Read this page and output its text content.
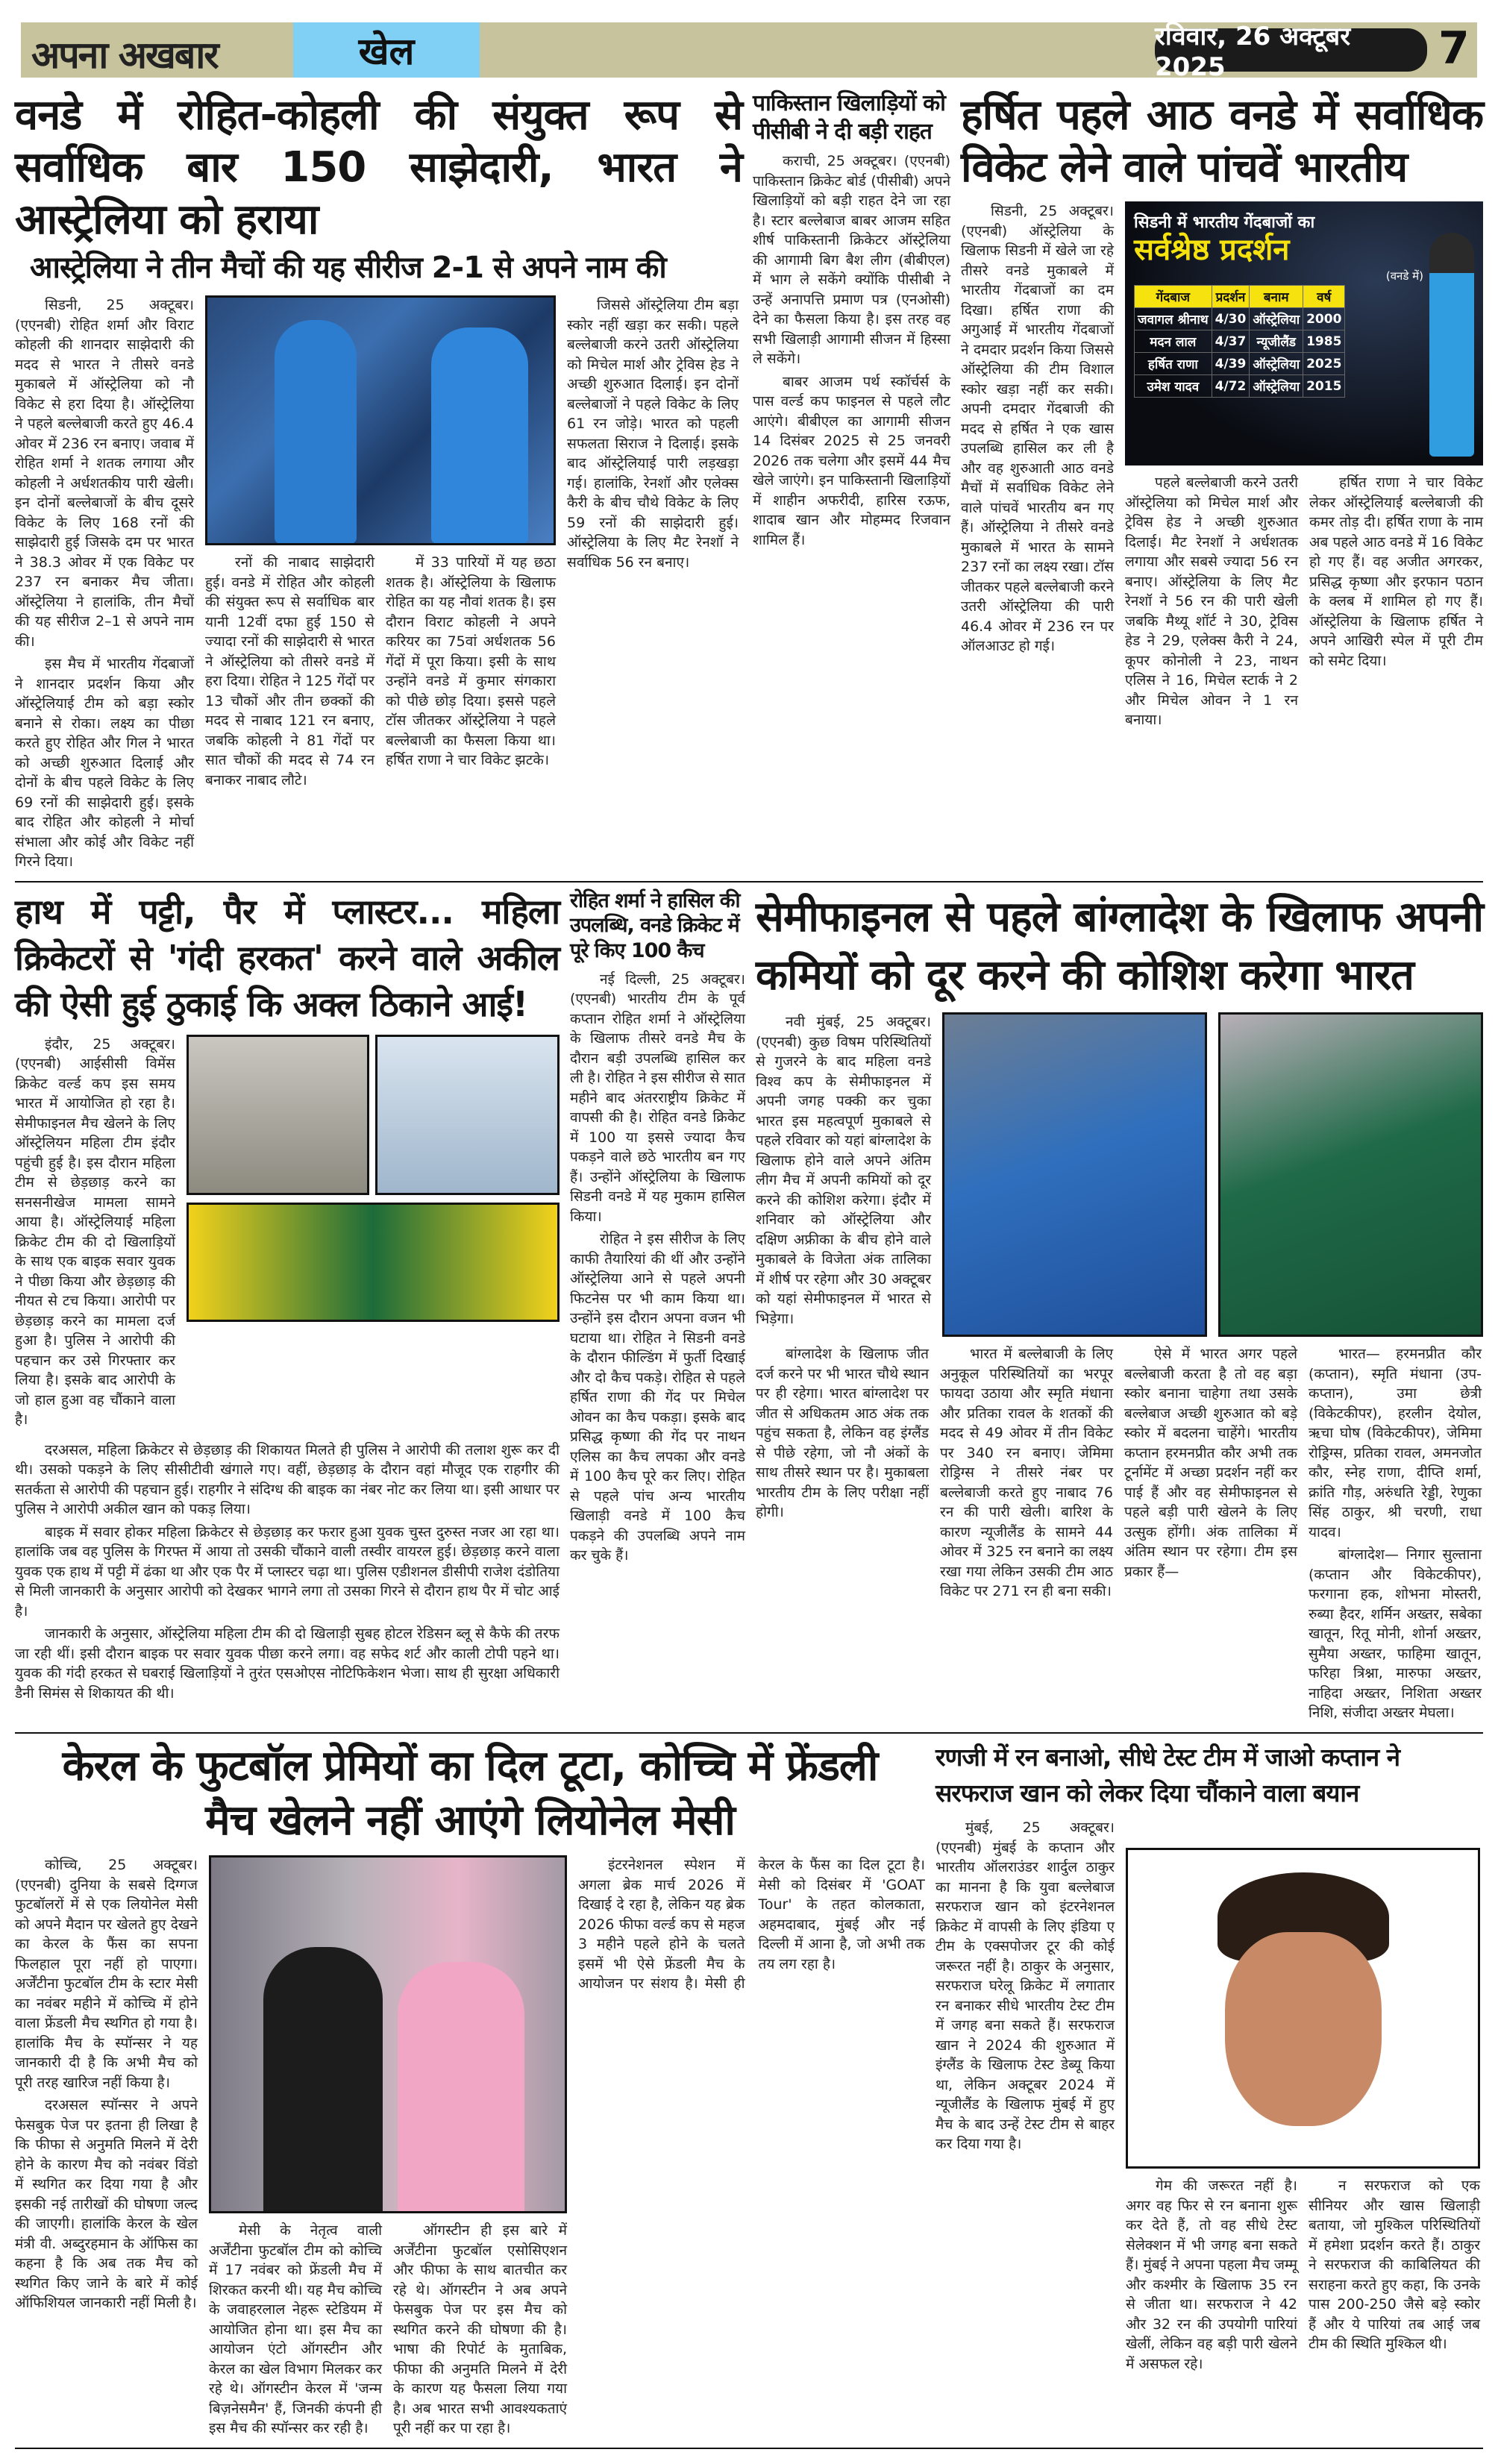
अपना अखबार	खेल	रविवार, 26 अक्टूबर 2025	7
वनडे में रोहित-कोहली की संयुक्त रूप से सर्वाधिक बार 150 साझेदारी, भारत ने आस्ट्रेलिया को हराया
आस्ट्रेलिया ने तीन मैचों की यह सीरीज 2-1 से अपने नाम की

सिडनी, 25 अक्टूबर। (एएनबी) रोहित शर्मा और विराट कोहली की शानदार साझेदारी की मदद से भारत ने तीसरे वनडे मुकाबले में ऑस्ट्रेलिया को नौ विकेट से हरा दिया है। ऑस्ट्रेलिया ने पहले बल्लेबाजी करते हुए 46.4 ओवर में 236 रन बनाए। जवाब में रोहित शर्मा ने शतक लगाया और कोहली ने अर्धशतकीय पारी खेली। इन दोनों बल्लेबाजों के बीच दूसरे विकेट के लिए 168 रनों की साझेदारी हुई जिसके दम पर भारत ने 38.3 ओवर में एक विकेट पर 237 रन बनाकर मैच जीता। ऑस्ट्रेलिया ने हालांकि, तीन मैचों की यह सीरीज 2–1 से अपने नाम की।

इस मैच में भारतीय गेंदबाजों ने शानदार प्रदर्शन किया और ऑस्ट्रेलियाई टीम को बड़ा स्कोर बनाने से रोका। लक्ष्य का पीछा करते हुए रोहित और गिल ने भारत को अच्छी शुरुआत दिलाई और दोनों के बीच पहले विकेट के लिए 69 रनों की साझेदारी हुई। इसके बाद रोहित और कोहली ने मोर्चा संभाला और कोई और विकेट नहीं गिरने दिया।

रनों की नाबाद साझेदारी हुई। वनडे में रोहित और कोहली की संयुक्त रूप से सर्वाधिक बार यानी 12वीं दफा हुई 150 से ज्यादा रनों की साझेदारी से भारत ने ऑस्ट्रेलिया को तीसरे वनडे में हरा दिया। रोहित ने 125 गेंदों पर 13 चौकों और तीन छक्कों की मदद से नाबाद 121 रन बनाए, जबकि कोहली ने 81 गेंदों पर सात चौकों की मदद से 74 रन बनाकर नाबाद लौटे।

में 33 पारियों में यह छठा शतक है। ऑस्ट्रेलिया के खिलाफ रोहित का यह नौवां शतक है। इस दौरान विराट कोहली ने अपने करियर का 75वां अर्धशतक 56 गेंदों में पूरा किया। इसी के साथ उन्होंने वनडे में कुमार संगकारा को पीछे छोड़ दिया। इससे पहले टॉस जीतकर ऑस्ट्रेलिया ने पहले बल्लेबाजी का फैसला किया था। हर्षित राणा ने चार विकेट झटके।

जिससे ऑस्ट्रेलिया टीम बड़ा स्कोर नहीं खड़ा कर सकी। पहले बल्लेबाजी करने उतरी ऑस्ट्रेलिया को मिचेल मार्श और ट्रेविस हेड ने अच्छी शुरुआत दिलाई। इन दोनों बल्लेबाजों ने पहले विकेट के लिए 61 रन जोड़े। भारत को पहली सफलता सिराज ने दिलाई। इसके बाद ऑस्ट्रेलियाई पारी लड़खड़ा गई। हालांकि, रेनशॉ और एलेक्स कैरी के बीच चौथे विकेट के लिए 59 रनों की साझेदारी हुई। ऑस्ट्रेलिया के लिए मैट रेनशॉ ने सर्वाधिक 56 रन बनाए।

पाकिस्तान खिलाड़ियों को पीसीबी ने दी बड़ी राहत

कराची, 25 अक्टूबर। (एएनबी) पाकिस्तान क्रिकेट बोर्ड (पीसीबी) अपने खिलाड़ियों को बड़ी राहत देने जा रहा है। स्टार बल्लेबाज बाबर आजम सहित शीर्ष पाकिस्तानी क्रिकेटर ऑस्ट्रेलिया की आगामी बिग बैश लीग (बीबीएल) में भाग ले सकेंगे क्योंकि पीसीबी ने उन्हें अनापत्ति प्रमाण पत्र (एनओसी) देने का फैसला किया है। इस तरह वह सभी खिलाड़ी आगामी सीजन में हिस्सा ले सकेंगे।

बाबर आजम पर्थ स्कॉर्चर्स के पास वर्ल्ड कप फाइनल से पहले लौट आएंगे। बीबीएल का आगामी सीजन 14 दिसंबर 2025 से 25 जनवरी 2026 तक चलेगा और इसमें 44 मैच खेले जाएंगे। इन पाकिस्तानी खिलाड़ियों में शाहीन अफरीदी, हारिस रऊफ, शादाब खान और मोहम्मद रिजवान शामिल हैं।

हर्षित पहले आठ वनडे में सर्वाधिक विकेट लेने वाले पांचवें भारतीय

सिडनी, 25 अक्टूबर। (एएनबी) ऑस्ट्रेलिया के खिलाफ सिडनी में खेले जा रहे तीसरे वनडे मुकाबले में भारतीय गेंदबाजों का दम दिखा। हर्षित राणा की अगुआई में भारतीय गेंदबाजों ने दमदार प्रदर्शन किया जिससे ऑस्ट्रेलिया की टीम विशाल स्कोर खड़ा नहीं कर सकी। अपनी दमदार गेंदबाजी की मदद से हर्षित ने एक खास उपलब्धि हासिल कर ली है और वह शुरुआती आठ वनडे मैचों में सर्वाधिक विकेट लेने वाले पांचवें भारतीय बन गए हैं। ऑस्ट्रेलिया ने तीसरे वनडे मुकाबले में भारत के सामने 237 रनों का लक्ष्य रखा। टॉस जीतकर पहले बल्लेबाजी करने उतरी ऑस्ट्रेलिया की पारी 46.4 ओवर में 236 रन पर ऑलआउट हो गई।

सिडनी में भारतीय गेंदबाजों का
सर्वश्रेष्ठ प्रदर्शन
(वनडे में)
गेंदबाज	प्रदर्शन	बनाम	वर्ष
जवागल श्रीनाथ	4/30	ऑस्ट्रेलिया	2000
मदन लाल	4/37	न्यूजीलैंड	1985
हर्षित राणा	4/39	ऑस्ट्रेलिया	2025
उमेश यादव	4/72	ऑस्ट्रेलिया	2015

पहले बल्लेबाजी करने उतरी ऑस्ट्रेलिया को मिचेल मार्श और ट्रेविस हेड ने अच्छी शुरुआत दिलाई। मैट रेनशॉ ने अर्धशतक लगाया और सबसे ज्यादा 56 रन बनाए। ऑस्ट्रेलिया के लिए मैट रेनशॉ ने 56 रन की पारी खेली जबकि मैथ्यू शॉर्ट ने 30, ट्रेविस हेड ने 29, एलेक्स कैरी ने 24, कूपर कोनोली ने 23, नाथन एलिस ने 16, मिचेल स्टार्क ने 2 और मिचेल ओवन ने 1 रन बनाया।

हर्षित राणा ने चार विकेट लेकर ऑस्ट्रेलियाई बल्लेबाजी की कमर तोड़ दी। हर्षित राणा के नाम अब पहले आठ वनडे में 16 विकेट हो गए हैं। वह अजीत अगरकर, प्रसिद्ध कृष्णा और इरफान पठान के क्लब में शामिल हो गए हैं। ऑस्ट्रेलिया के खिलाफ हर्षित ने अपने आखिरी स्पेल में पूरी टीम को समेट दिया।

हाथ में पट्टी, पैर में प्लास्टर... महिला क्रिकेटरों से 'गंदी हरकत' करने वाले अकील की ऐसी हुई ठुकाई कि अक्ल ठिकाने आई!

इंदौर, 25 अक्टूबर। (एएनबी) आईसीसी विमेंस क्रिकेट वर्ल्ड कप इस समय भारत में आयोजित हो रहा है। सेमीफाइनल मैच खेलने के लिए ऑस्ट्रेलियन महिला टीम इंदौर पहुंची हुई है। इस दौरान महिला टीम से छेड़छाड़ करने का सनसनीखेज मामला सामने आया है। ऑस्ट्रेलियाई महिला क्रिकेट टीम की दो खिलाड़ियों के साथ एक बाइक सवार युवक ने पीछा किया और छेड़छाड़ की नीयत से टच किया। आरोपी पर छेड़छाड़ करने का मामला दर्ज हुआ है। पुलिस ने आरोपी की पहचान कर उसे गिरफ्तार कर लिया है। इसके बाद आरोपी के जो हाल हुआ वह चौंकाने वाला है।

दरअसल, महिला क्रिकेटर से छेड़छाड़ की शिकायत मिलते ही पुलिस ने आरोपी की तलाश शुरू कर दी थी। उसको पकड़ने के लिए सीसीटीवी खंगाले गए। वहीं, छेड़छाड़ के दौरान वहां मौजूद एक राहगीर की सतर्कता से आरोपी की पहचान हुई। राहगीर ने संदिग्ध की बाइक का नंबर नोट कर लिया था। इसी आधार पर पुलिस ने आरोपी अकील खान को पकड़ लिया।

बाइक में सवार होकर महिला क्रिकेटर से छेड़छाड़ कर फरार हुआ युवक चुस्त दुरुस्त नजर आ रहा था। हालांकि जब वह पुलिस के गिरफ्त में आया तो उसकी चौंकाने वाली तस्वीर वायरल हुई। छेड़छाड़ करने वाला युवक एक हाथ में पट्टी में ढंका था और एक पैर में प्लास्टर चढ़ा था। पुलिस एडीशनल डीसीपी राजेश दंडोतिया से मिली जानकारी के अनुसार आरोपी को देखकर भागने लगा तो उसका गिरने से दौरान हाथ पैर में चोट आई है।

जानकारी के अनुसार, ऑस्ट्रेलिया महिला टीम की दो खिलाड़ी सुबह होटल रेडिसन ब्लू से कैफे की तरफ जा रही थीं। इसी दौरान बाइक पर सवार युवक पीछा करने लगा। वह सफेद शर्ट और काली टोपी पहने था। युवक की गंदी हरकत से घबराई खिलाड़ियों ने तुरंत एसओएस नोटिफिकेशन भेजा। साथ ही सुरक्षा अधिकारी डैनी सिमंस से शिकायत की थी।

रोहित शर्मा ने हासिल की उपलब्धि, वनडे क्रिकेट में पूरे किए 100 कैच

नई दिल्ली, 25 अक्टूबर। (एएनबी) भारतीय टीम के पूर्व कप्तान रोहित शर्मा ने ऑस्ट्रेलिया के खिलाफ तीसरे वनडे मैच के दौरान बड़ी उपलब्धि हासिल कर ली है। रोहित ने इस सीरीज से सात महीने बाद अंतरराष्ट्रीय क्रिकेट में वापसी की है। रोहित वनडे क्रिकेट में 100 या इससे ज्यादा कैच पकड़ने वाले छठे भारतीय बन गए हैं। उन्होंने ऑस्ट्रेलिया के खिलाफ सिडनी वनडे में यह मुकाम हासिल किया।

रोहित ने इस सीरीज के लिए काफी तैयारियां की थीं और उन्होंने ऑस्ट्रेलिया आने से पहले अपनी फिटनेस पर भी काम किया था। उन्होंने इस दौरान अपना वजन भी घटाया था। रोहित ने सिडनी वनडे के दौरान फील्डिंग में फुर्ती दिखाई और दो कैच पकड़े। रोहित से पहले हर्षित राणा की गेंद पर मिचेल ओवन का कैच पकड़ा। इसके बाद प्रसिद्ध कृष्णा की गेंद पर नाथन एलिस का कैच लपका और वनडे में 100 कैच पूरे कर लिए। रोहित से पहले पांच अन्य भारतीय खिलाड़ी वनडे में 100 कैच पकड़ने की उपलब्धि अपने नाम कर चुके हैं।

सेमीफाइनल से पहले बांग्लादेश के खिलाफ अपनी कमियों को दूर करने की कोशिश करेगा भारत

नवी मुंबई, 25 अक्टूबर। (एएनबी) कुछ विषम परिस्थितियों से गुजरने के बाद महिला वनडे विश्व कप के सेमीफाइनल में अपनी जगह पक्की कर चुका भारत इस महत्वपूर्ण मुकाबले से पहले रविवार को यहां बांग्लादेश के खिलाफ होने वाले अपने अंतिम लीग मैच में अपनी कमियों को दूर करने की कोशिश करेगा। इंदौर में शनिवार को ऑस्ट्रेलिया और दक्षिण अफ्रीका के बीच होने वाले मुकाबले के विजेता अंक तालिका में शीर्ष पर रहेगा और 30 अक्टूबर को यहां सेमीफाइनल में भारत से भिड़ेगा।

बांग्लादेश के खिलाफ जीत दर्ज करने पर भी भारत चौथे स्थान पर ही रहेगा। भारत बांग्लादेश पर जीत से अधिकतम आठ अंक तक पहुंच सकता है, लेकिन वह इंग्लैंड से पीछे रहेगा, जो नौ अंकों के साथ तीसरे स्थान पर है। मुकाबला भारतीय टीम के लिए परीक्षा नहीं होगी।

भारत में बल्लेबाजी के लिए अनुकूल परिस्थितियों का भरपूर फायदा उठाया और स्मृति मंधाना और प्रतिका रावल के शतकों की मदद से 49 ओवर में तीन विकेट पर 340 रन बनाए। जेमिमा रोड्रिग्स ने तीसरे नंबर पर बल्लेबाजी करते हुए नाबाद 76 रन की पारी खेली। बारिश के कारण न्यूजीलैंड के सामने 44 ओवर में 325 रन बनाने का लक्ष्य रखा गया लेकिन उसकी टीम आठ विकेट पर 271 रन ही बना सकी।

ऐसे में भारत अगर पहले बल्लेबाजी करता है तो वह बड़ा स्कोर बनाना चाहेगा तथा उसके बल्लेबाज अच्छी शुरुआत को बड़े स्कोर में बदलना चाहेंगे। भारतीय कप्तान हरमनप्रीत कौर अभी तक टूर्नामेंट में अच्छा प्रदर्शन नहीं कर पाई हैं और वह सेमीफाइनल से पहले बड़ी पारी खेलने के लिए उत्सुक होंगी। अंक तालिका में अंतिम स्थान पर रहेगा। टीम इस प्रकार हैं—

भारत— हरमनप्रीत कौर (कप्तान), स्मृति मंधाना (उप-कप्तान), उमा छेत्री (विकेटकीपर), हरलीन देयोल, ऋचा घोष (विकेटकीपर), जेमिमा रोड्रिग्स, प्रतिका रावल, अमनजोत कौर, स्नेह राणा, दीप्ति शर्मा, क्रांति गौड़, अरुंधति रेड्डी, रेणुका सिंह ठाकुर, श्री चरणी, राधा यादव।

बांग्लादेश— निगार सुल्ताना (कप्तान और विकेटकीपर), फरगाना हक, शोभना मोस्तरी, रुब्या हैदर, शर्मिन अख्तर, सबेका खातून, रितू मोनी, शोर्ना अख्तर, सुमैया अख्तर, फाहिमा खातून, फरिहा त्रिश्ना, मारुफा अख्तर, नाहिदा अख्तर, निशिता अख्तर निशि, संजीदा अख्तर मेघला।

केरल के फुटबॉल प्रेमियों का दिल टूटा, कोच्चि में फ्रेंडली मैच खेलने नहीं आएंगे लियोनेल मेसी

कोच्चि, 25 अक्टूबर। (एएनबी) दुनिया के सबसे दिग्गज फुटबॉलरों में से एक लियोनेल मेसी को अपने मैदान पर खेलते हुए देखने का केरल के फैंस का सपना फिलहाल पूरा नहीं हो पाएगा। अर्जेंटीना फुटबॉल टीम के स्टार मेसी का नवंबर महीने में कोच्चि में होने वाला फ्रेंडली मैच स्थगित हो गया है। हालांकि मैच के स्पॉन्सर ने यह जानकारी दी है कि अभी मैच को पूरी तरह खारिज नहीं किया है।

दरअसल स्पॉन्सर ने अपने फेसबुक पेज पर इतना ही लिखा है कि फीफा से अनुमति मिलने में देरी होने के कारण मैच को नवंबर विंडो में स्थगित कर दिया गया है और इसकी नई तारीखों की घोषणा जल्द की जाएगी। हालांकि केरल के खेल मंत्री वी. अब्दुरहमान के ऑफिस का कहना है कि अब तक मैच को स्थगित किए जाने के बारे में कोई ऑफिशियल जानकारी नहीं मिली है।

मेसी के नेतृत्व वाली अर्जेंटीना फुटबॉल टीम को कोच्चि में 17 नवंबर को फ्रेंडली मैच में शिरकत करनी थी। यह मैच कोच्चि के जवाहरलाल नेहरू स्टेडियम में आयोजित होना था। इस मैच का आयोजन एंटो ऑगस्टीन और केरल का खेल विभाग मिलकर कर रहे थे। ऑगस्टीन केरल में 'जन्म बिज़नेसमैन' हैं, जिनकी कंपनी ही इस मैच की स्पॉन्सर कर रही है।

ऑगस्टीन ही इस बारे में अर्जेंटीना फुटबॉल एसोसिएशन और फीफा के साथ बातचीत कर रहे थे। ऑगस्टीन ने अब अपने फेसबुक पेज पर इस मैच को स्थगित करने की घोषणा की है। भाषा की रिपोर्ट के मुताबिक, फीफा की अनुमति मिलने में देरी के कारण यह फैसला लिया गया है। अब भारत सभी आवश्यकताएं पूरी नहीं कर पा रहा है।

इंटरनेशनल स्पेशन में अगला ब्रेक मार्च 2026 में दिखाई दे रहा है, लेकिन यह ब्रेक 2026 फीफा वर्ल्ड कप से महज 3 महीने पहले होने के चलते इसमें भी ऐसे फ्रेंडली मैच के आयोजन पर संशय है। मेसी ही केरल के फैंस का दिल टूटा है। मेसी को दिसंबर में 'GOAT Tour' के तहत कोलकाता, अहमदाबाद, मुंबई और नई दिल्ली में आना है, जो अभी तक तय लग रहा है।

रणजी में रन बनाओ, सीधे टेस्ट टीम में जाओ कप्तान ने सरफराज खान को लेकर दिया चौंकाने वाला बयान

मुंबई, 25 अक्टूबर। (एएनबी) मुंबई के कप्तान और भारतीय ऑलराउंडर शार्दुल ठाकुर का मानना है कि युवा बल्लेबाज सरफराज खान को इंटरनेशनल क्रिकेट में वापसी के लिए इंडिया ए टीम के एक्सपोजर टूर की कोई जरूरत नहीं है। ठाकुर के अनुसार, सरफराज घरेलू क्रिकेट में लगातार रन बनाकर सीधे भारतीय टेस्ट टीम में जगह बना सकते हैं। सरफराज खान ने 2024 की शुरुआत में इंग्लैंड के खिलाफ टेस्ट डेब्यू किया था, लेकिन अक्टूबर 2024 में न्यूजीलैंड के खिलाफ मुंबई में हुए मैच के बाद उन्हें टेस्ट टीम से बाहर कर दिया गया है।

गेम की जरूरत नहीं है। अगर वह फिर से रन बनाना शुरू कर देते हैं, तो वह सीधे टेस्ट सेलेक्शन में भी जगह बना सकते हैं। मुंबई ने अपना पहला मैच जम्मू और कश्मीर के खिलाफ 35 रन से जीता था। सरफराज ने 42 और 32 रन की उपयोगी पारियां खेलीं, लेकिन वह बड़ी पारी खेलने में असफल रहे।

न सरफराज को एक सीनियर और खास खिलाड़ी बताया, जो मुश्किल परिस्थितियों में हमेशा प्रदर्शन करते हैं। ठाकुर ने सरफराज की काबिलियत की सराहना करते हुए कहा, कि उनके पास 200-250 जैसे बड़े स्कोर हैं और ये पारियां तब आई जब टीम की स्थिति मुश्किल थी।
